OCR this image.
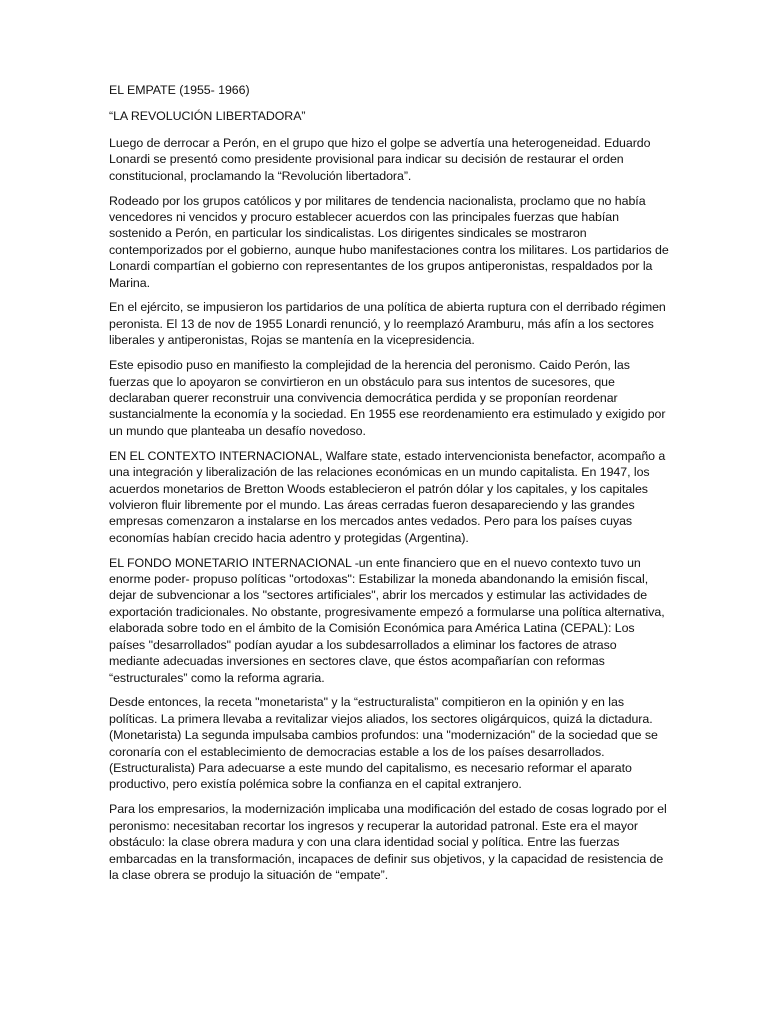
EL EMPATE (1955- 1966)

“LA REVOLUCIÓN LIBERTADORA”

Luego de derrocar a Perón, en el grupo que hizo el golpe se advertía una heterogeneidad. Eduardo Lonardi se presentó como presidente provisional para indicar su decisión de restaurar el orden constitucional, proclamando la “Revolución libertadora”.

Rodeado por los grupos católicos y por militares de tendencia nacionalista, proclamo que no había vencedores ni vencidos y procuro establecer acuerdos con las principales fuerzas que habían sostenido a Perón, en particular los sindicalistas. Los dirigentes sindicales se mostraron contemporizados por el gobierno, aunque hubo manifestaciones contra los militares. Los partidarios de Lonardi compartían el gobierno con representantes de los grupos antiperonistas, respaldados por la Marina.

En el ejército, se impusieron los partidarios de una política de abierta ruptura con el derribado régimen peronista. El 13 de nov de 1955 Lonardi renunció, y lo reemplazó Aramburu, más afín a los sectores liberales y antiperonistas, Rojas se mantenía en la vicepresidencia.

Este episodio puso en manifiesto la complejidad de la herencia del peronismo. Caido Perón, las fuerzas que lo apoyaron se convirtieron en un obstáculo para sus intentos de sucesores, que declaraban querer reconstruir una convivencia democrática perdida y se proponían reordenar sustancialmente la economía y la sociedad. En 1955 ese reordenamiento era estimulado y exigido por un mundo que planteaba un desafío novedoso.

EN EL CONTEXTO INTERNACIONAL, Walfare state, estado intervencionista benefactor, acompaño a una integración y liberalización de las relaciones económicas en un mundo capitalista. En 1947, los acuerdos monetarios de Bretton Woods establecieron el patrón dólar y los capitales, y los capitales volvieron fluir libremente por el mundo. Las áreas cerradas fueron desapareciendo y las grandes empresas comenzaron a instalarse en los mercados antes vedados. Pero para los países cuyas economías habían crecido hacia adentro y protegidas (Argentina).

EL FONDO MONETARIO INTERNACIONAL -un ente financiero que en el nuevo contexto tuvo un enorme poder- propuso políticas "ortodoxas": Estabilizar la moneda abandonando la emisión fiscal, dejar de subvencionar a los "sectores artificiales", abrir los mercados y estimular las actividades de exportación tradicionales. No obstante, progresivamente empezó a formularse una política alternativa, elaborada sobre todo en el ámbito de la Comisión Económica para América Latina (CEPAL): Los países "desarrollados" podían ayudar a los subdesarrollados a eliminar los factores de atraso mediante adecuadas inversiones en sectores clave, que éstos acompañarían con reformas “estructurales” como la reforma agraria.

Desde entonces, la receta "monetarista" y la “estructuralista” compitieron en la opinión y en las políticas. La primera llevaba a revitalizar viejos aliados, los sectores oligárquicos, quizá la dictadura. (Monetarista) La segunda impulsaba cambios profundos: una "modernización" de la sociedad que se coronaría con el establecimiento de democracias estable a los de los países desarrollados. (Estructuralista) Para adecuarse a este mundo del capitalismo, es necesario reformar el aparato productivo, pero existía polémica sobre la confianza en el capital extranjero.

Para los empresarios, la modernización implicaba una modificación del estado de cosas logrado por el peronismo: necesitaban recortar los ingresos y recuperar la autoridad patronal. Este era el mayor obstáculo: la clase obrera madura y con una clara identidad social y política. Entre las fuerzas embarcadas en la transformación, incapaces de definir sus objetivos, y la capacidad de resistencia de la clase obrera se produjo la situación de “empate”.
